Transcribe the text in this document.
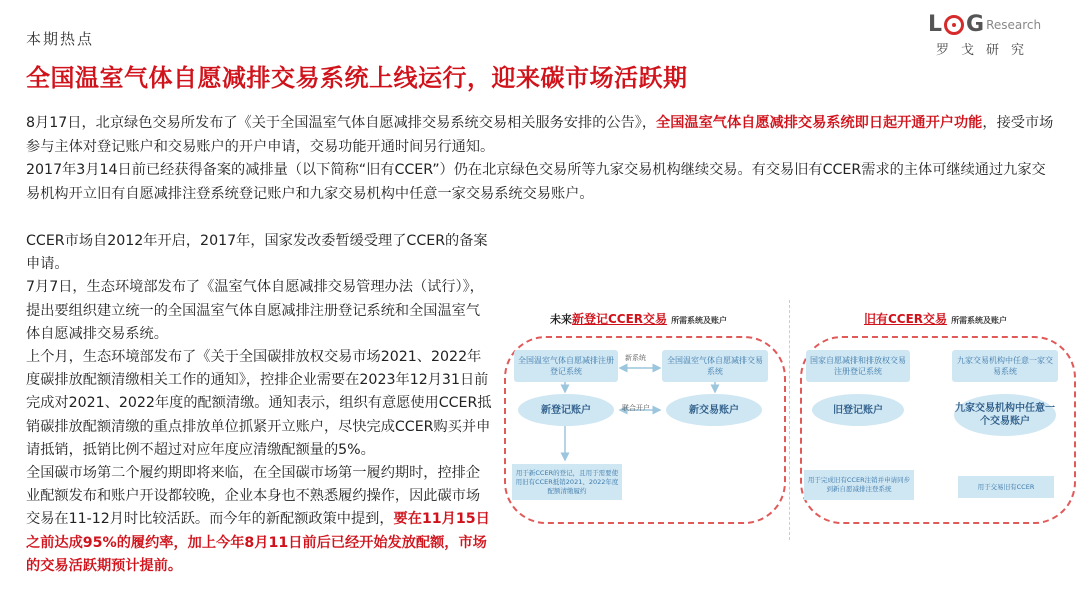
本期热点
L G Research
罗戈研究
全国温室气体自愿减排交易系统上线运行，迎来碳市场活跃期
8月17日，北京绿色交易所发布了《关于全国温室气体自愿减排交易系统交易相关服务安排的公告》，全国温室气体自愿减排交易系统即日起开通开户功能，接受市场参与主体对登记账户和交易账户的开户申请，交易功能开通时间另行通知。
2017年3月14日前已经获得备案的减排量（以下简称“旧有CCER”）仍在北京绿色交易所等九家交易机构继续交易。有交易旧有CCER需求的主体可继续通过九家交易机构开立旧有自愿减排注登系统登记账户和九家交易机构中任意一家交易系统交易账户。

CCER市场自2012年开启，2017年，国家发改委暂缓受理了CCER的备案申请。

7月7日，生态环境部发布了《温室气体自愿减排交易管理办法（试行）》，提出要组织建立统一的全国温室气体自愿减排注册登记系统和全国温室气体自愿减排交易系统。

上个月，生态环境部发布了《关于全国碳排放权交易市场2021、2022年度碳排放配额清缴相关工作的通知》，控排企业需要在2023年12月31日前完成对2021、2022年度的配额清缴。通知表示，组织有意愿使用CCER抵销碳排放配额清缴的重点排放单位抓紧开立账户，尽快完成CCER购买并申请抵销，抵销比例不超过对应年度应清缴配额量的5%。

全国碳市场第二个履约期即将来临，在全国碳市场第一履约期时，控排企业配额发布和账户开设都较晚，企业本身也不熟悉履约操作，因此碳市场交易在11-12月时比较活跃。而今年的新配额政策中提到，要在11月15日之前达成95%的履约率，加上今年8月11日前后已经开始发放配额，市场的交易活跃期预计提前。

未来新登记CCER交易 所需系统及账户
全国温室气体自愿减排注册登记系统
全国温室气体自愿减排交易系统
新系统
新登记账户	新交易账户
联合开户
用于新CCER的登记，且用于需要使用旧有CCER抵销2021、2022年度配额清缴履约
旧有CCER交易 所需系统及账户
国家自愿减排和排放权交易注册登记系统
九家交易机构中任意一家交易系统
旧登记账户	九家交易机构中任意一个交易账户
用于完成旧有CCER注销并申请同步到新自愿减排注登系统	用于交易旧有CCER
